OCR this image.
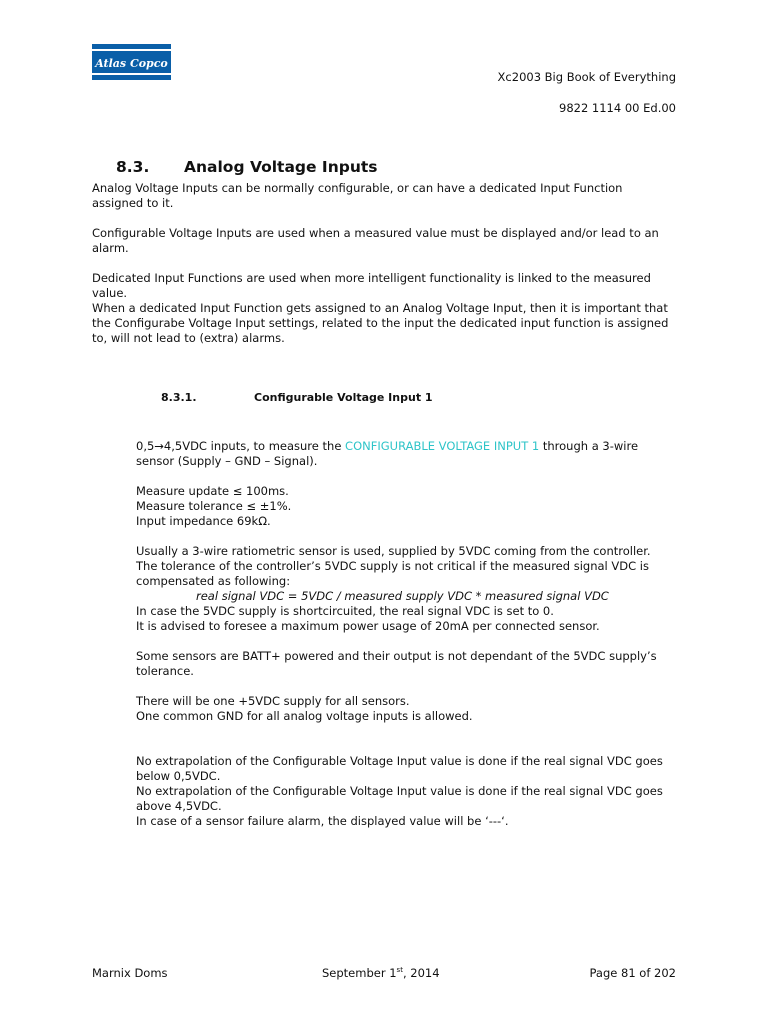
Atlas Copco
Xc2003 Big Book of Everything
9822 1114 00 Ed.00
8.3. Analog Voltage Inputs

Analog Voltage Inputs can be normally configurable, or can have a dedicated Input Function assigned to it.

Configurable Voltage Inputs are used when a measured value must be displayed and/or lead to an alarm.

Dedicated Input Functions are used when more intelligent functionality is linked to the measured value.
When a dedicated Input Function gets assigned to an Analog Voltage Input, then it is important that the Configurabe Voltage Input settings, related to the input the dedicated input function is assigned to, will not lead to (extra) alarms.
8.3.1.	Configurable Voltage Input 1

0,5→4,5VDC inputs, to measure the CONFIGURABLE VOLTAGE INPUT 1 through a 3-wire sensor (Supply – GND – Signal).

Measure update ≤ 100ms.
Measure tolerance ≤ ±1%.
Input impedance 69kΩ.
Usually a 3-wire ratiometric sensor is used, supplied by 5VDC coming from the controller.
The tolerance of the controller’s 5VDC supply is not critical if the measured signal VDC is compensated as following:
real signal VDC = 5VDC / measured supply VDC * measured signal VDC
In case the 5VDC supply is shortcircuited, the real signal VDC is set to 0.
It is advised to foresee a maximum power usage of 20mA per connected sensor.

Some sensors are BATT+ powered and their output is not dependant of the 5VDC supply’s tolerance.

There will be one +5VDC supply for all sensors.
One common GND for all analog voltage inputs is allowed.
No extrapolation of the Configurable Voltage Input value is done if the real signal VDC goes below 0,5VDC.
No extrapolation of the Configurable Voltage Input value is done if the real signal VDC goes above 4,5VDC.
In case of a sensor failure alarm, the displayed value will be ‘---‘.
Marnix Doms	September 1st, 2014	Page 81 of 202
